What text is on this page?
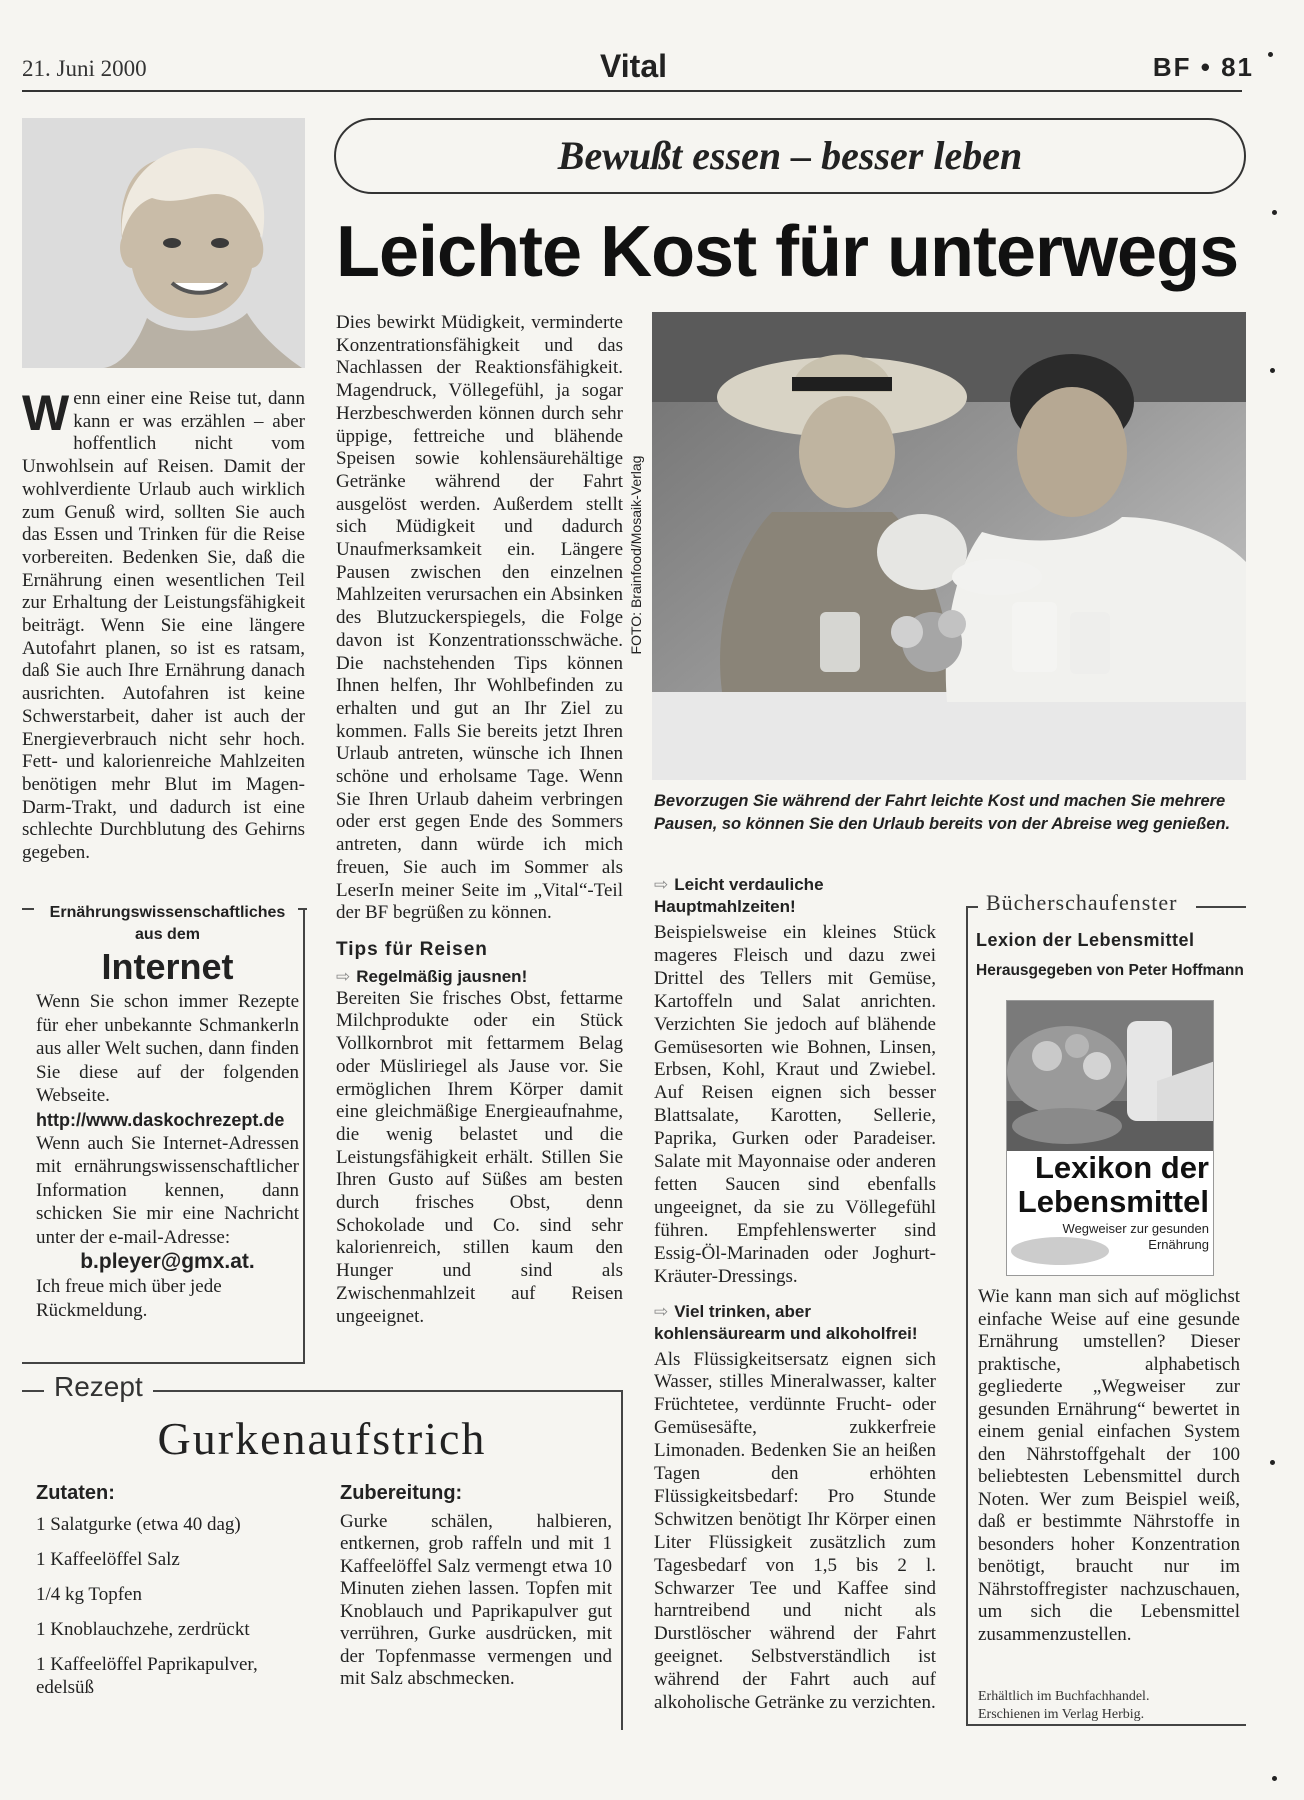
21. Juni 2000	Vital	BF • 81
Wenn einer eine Reise tut, dann kann er was erzählen – aber hoffentlich nicht vom Unwohlsein auf Reisen. Damit der wohlverdiente Urlaub auch wirklich zum Genuß wird, sollten Sie auch das Essen und Trinken für die Reise vorbereiten. Bedenken Sie, daß die Ernährung einen wesentlichen Teil zur Erhaltung der Leistungsfähigkeit beiträgt. Wenn Sie eine längere Autofahrt planen, so ist es ratsam, daß Sie auch Ihre Ernährung danach ausrichten. Autofahren ist keine Schwerstarbeit, daher ist auch der Energieverbrauch nicht sehr hoch. Fett- und kalorienreiche Mahlzeiten benötigen mehr Blut im Magen-Darm-Trakt, und dadurch ist eine schlechte Durchblutung des Gehirns gegeben.
Ernährungswissenschaftliches
aus dem
Internet

Wenn Sie schon immer Rezepte für eher unbekannte Schmankerln aus aller Welt suchen, dann finden Sie diese auf der folgenden Webseite.

http://www.daskochrezept.de

Wenn auch Sie Internet-Adressen mit ernährungswissenschaftlicher Information kennen, dann schicken Sie mir eine Nachricht unter der e-mail-Adresse:

b.pleyer@gmx.at.

Ich freue mich über jede Rückmeldung.

Rezept
Gurkenaufstrich
Zutaten:
1 Salatgurke (etwa 40 dag)
1 Kaffeelöffel Salz
1/4 kg Topfen
1 Knoblauchzehe, zerdrückt
1 Kaffeelöffel Paprikapulver, edelsüß
Zubereitung:

Gurke schälen, halbieren, entkernen, grob raffeln und mit 1 Kaffeelöffel Salz vermengt etwa 10 Minuten ziehen lassen. Topfen mit Knoblauch und Paprikapulver gut verrühren, Gurke ausdrücken, mit der Topfenmasse vermengen und mit Salz abschmecken.

Bewußt essen – besser leben
Leichte Kost für unterwegs

Dies bewirkt Müdigkeit, verminderte Konzentrationsfähigkeit und das Nachlassen der Reaktionsfähigkeit. Magendruck, Völlegefühl, ja sogar Herzbeschwerden können durch sehr üppige, fettreiche und blähende Speisen sowie kohlensäurehältige Getränke während der Fahrt ausgelöst werden. Außerdem stellt sich Müdigkeit und dadurch Unaufmerksamkeit ein. Längere Pausen zwischen den einzelnen Mahlzeiten verursachen ein Absinken des Blutzuckerspiegels, die Folge davon ist Konzentrationsschwäche. Die nachstehenden Tips können Ihnen helfen, Ihr Wohlbefinden zu erhalten und gut an Ihr Ziel zu kommen. Falls Sie bereits jetzt Ihren Urlaub antreten, wünsche ich Ihnen schöne und erholsame Tage. Wenn Sie Ihren Urlaub daheim verbringen oder erst gegen Ende des Sommers antreten, dann würde ich mich freuen, Sie auch im Sommer als LeserIn meiner Seite im „Vital“-Teil der BF begrüßen zu können.

Tips für Reisen
⇨ Regelmäßig jausnen!

Bereiten Sie frisches Obst, fettarme Milchprodukte oder ein Stück Vollkornbrot mit fettarmem Belag oder Müsliriegel als Jause vor. Sie ermöglichen Ihrem Körper damit eine gleichmäßige Energieaufnahme, die wenig belastet und die Leistungsfähigkeit erhält. Stillen Sie Ihren Gusto auf Süßes am besten durch frisches Obst, denn Schokolade und Co. sind sehr kalorienreich, stillen kaum den Hunger und sind als Zwischenmahlzeit auf Reisen ungeeignet.

FOTO: Brainfood/Mosaik-Verlag
Bevorzugen Sie während der Fahrt leichte Kost und machen Sie mehrere Pausen, so können Sie den Urlaub bereits von der Abreise weg genießen.
⇨ Leicht verdauliche Hauptmahlzeiten!

Beispielsweise ein kleines Stück mageres Fleisch und dazu zwei Drittel des Tellers mit Gemüse, Kartoffeln und Salat anrichten. Verzichten Sie jedoch auf blähende Gemüsesorten wie Bohnen, Linsen, Erbsen, Kohl, Kraut und Zwiebel. Auf Reisen eignen sich besser Blattsalate, Karotten, Sellerie, Paprika, Gurken oder Paradeiser. Salate mit Mayonnaise oder anderen fetten Saucen sind ebenfalls ungeeignet, da sie zu Völlegefühl führen. Empfehlenswerter sind Essig-Öl-Marinaden oder Joghurt-Kräuter-Dressings.

⇨ Viel trinken, aber kohlensäurearm und alkoholfrei!

Als Flüssigkeitsersatz eignen sich Wasser, stilles Mineralwasser, kalter Früchtetee, verdünnte Frucht- oder Gemüsesäfte, zukkerfreie Limonaden. Bedenken Sie an heißen Tagen den erhöhten Flüssigkeitsbedarf: Pro Stunde Schwitzen benötigt Ihr Körper einen Liter Flüssigkeit zusätzlich zum Tagesbedarf von 1,5 bis 2 l. Schwarzer Tee und Kaffee sind harntreibend und nicht als Durstlöscher während der Fahrt geeignet. Selbstverständlich ist während der Fahrt auch auf alkoholische Getränke zu verzichten.

Bücherschaufenster
Lexion der Lebensmittel
Herausgegeben von Peter Hoffmann
Lexikon der Lebensmittel
Wegweiser zur gesunden Ernährung
Wie kann man sich auf möglichst einfache Weise auf eine gesunde Ernährung umstellen? Dieser praktische, alphabetisch gegliederte „Wegweiser zur gesunden Ernährung“ bewertet in einem genial einfachen System den Nährstoffgehalt der 100 beliebtesten Lebensmittel durch Noten. Wer zum Beispiel weiß, daß er bestimmte Nährstoffe in besonders hoher Konzentration benötigt, braucht nur im Nährstoffregister nachzuschauen, um sich die Lebensmittel zusammenzustellen.
Erhältlich im Buchfachhandel.
Erschienen im Verlag Herbig.
